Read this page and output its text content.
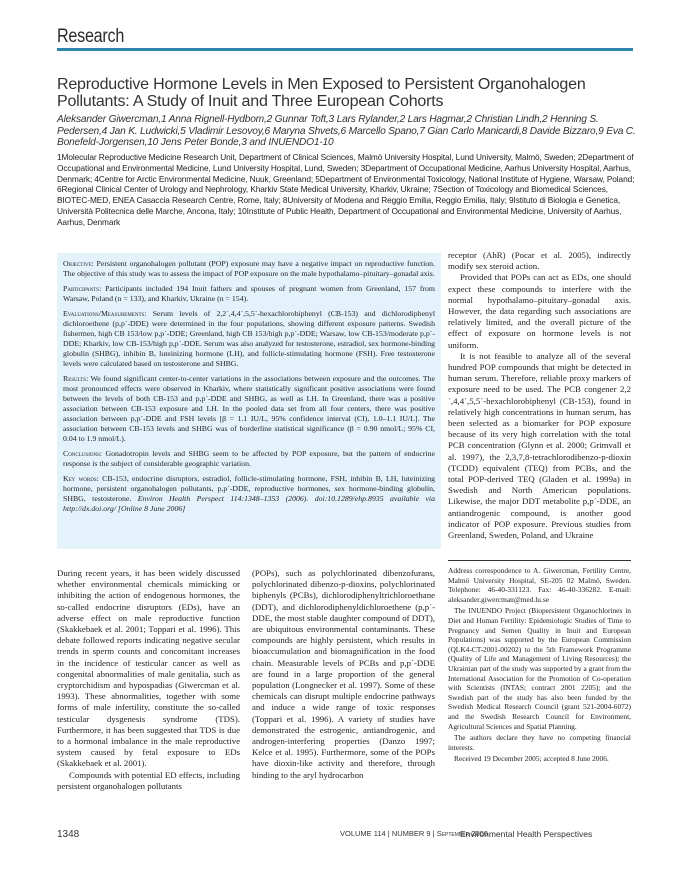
Research
Reproductive Hormone Levels in Men Exposed to Persistent Organohalogen Pollutants: A Study of Inuit and Three European Cohorts
Aleksander Giwercman,1 Anna Rignell-Hydbom,2 Gunnar Toft,3 Lars Rylander,2 Lars Hagmar,2 Christian Lindh,2 Henning S. Pedersen,4 Jan K. Ludwicki,5 Vladimir Lesovoy,6 Maryna Shvets,6 Marcello Spano,7 Gian Carlo Manicardi,8 Davide Bizzaro,9 Eva C. Bonefeld-Jorgensen,10 Jens Peter Bonde,3 and INUENDO1-10
1Molecular Reproductive Medicine Research Unit, Department of Clinical Sciences, Malmö University Hospital, Lund University, Malmö, Sweden; 2Department of Occupational and Environmental Medicine, Lund University Hospital, Lund, Sweden; 3Department of Occupational Medicine, Aarhus University Hospital, Aarhus, Denmark; 4Centre for Arctic Environmental Medicine, Nuuk, Greenland; 5Department of Environmental Toxicology, National Institute of Hygiene, Warsaw, Poland; 6Regional Clinical Center of Urology and Nephrology, Kharkiv State Medical University, Kharkiv, Ukraine; 7Section of Toxicology and Biomedical Sciences, BIOTEC-MED, ENEA Casaccia Research Centre, Rome, Italy; 8University of Modena and Reggio Emilia, Reggio Emilia, Italy; 9Istituto di Biologia e Genetica, Università Politecnica delle Marche, Ancona, Italy; 10Institute of Public Health, Department of Occupational and Environmental Medicine, University of Aarhus, Aarhus, Denmark

Objective: Persistent organohalogen pollutant (POP) exposure may have a negative impact on reproductive function. The objective of this study was to assess the impact of POP exposure on the male hypothalamo–pituitary–gonadal axis.

Participants: Participants included 194 Inuit fathers and spouses of pregnant women from Greenland, 157 from Warsaw, Poland (n = 133), and Kharkiv, Ukraine (n = 154).

Evaluations/Measurements: Serum levels of 2,2´,4,4´,5,5´-hexachlorobiphenyl (CB-153) and dichlorodiphenyl dichloroethene (p,p´-DDE) were determined in the four populations, showing different exposure patterns. Swedish fishermen, high CB 153/low p,p´-DDE; Greenland, high CB 153/high p,p´-DDE; Warsaw, low CB-153/moderate p,p´-DDE; Kharkiv, low CB-153/high p,p´-DDE. Serum was also analyzed for testosterone, estradiol, sex hormone-binding globulin (SHBG), inhibin B, luteinizing hormone (LH), and follicle-stimulating hormone (FSH). Free testosterone levels were calculated based on testosterone and SHBG.

Results: We found significant center-to-center variations in the associations between exposure and the outcomes. The most pronounced effects were observed in Kharkiv, where statistically significant positive associations were found between the levels of both CB-153 and p,p´-DDE and SHBG, as well as LH. In Greenland, there was a positive association between CB-153 exposure and LH. In the pooled data set from all four centers, there was positive association between p,p´-DDE and FSH levels [β = 1.1 IU/L, 95% confidence interval (CI), 1.0–1.1 IU/L]. The association between CB-153 levels and SHBG was of borderline statistical significance (β = 0.90 nmol/L; 95% CI, 0.04 to 1.9 nmol/L).

Conclusions: Gonadotropin levels and SHBG seem to be affected by POP exposure, but the pattern of endocrine response is the subject of considerable geographic variation.

Key words: CB-153, endocrine disruptors, estradiol, follicle-stimulating hormone, FSH, inhibin B, LH, luteinizing hormone, persistent organohalogen pollutants, p,p´-DDE, reproductive hormones, sex hormone-binding globulin, SHBG, testosterone. Environ Health Perspect 114:1348–1353 (2006). doi:10.1289/ehp.8935 available via http://dx.doi.org/ [Online 8 June 2006]

receptor (AhR) (Pocar et al. 2005), indirectly modify sex steroid action.

Provided that POPs can act as EDs, one should expect these compounds to interfere with the normal hypothalamo–pituitary–gonadal axis. However, the data regarding such associations are relatively limited, and the overall picture of the effect of exposure on hormone levels is not uniform.

It is not feasible to analyze all of the several hundred POP compounds that might be detected in human serum. Therefore, reliable proxy markers of exposure need to be used. The PCB congener 2,2´,4,4´,5,5´-hexachlorobiphenyl (CB-153), found in relatively high concentrations in human serum, has been selected as a biomarker for POP exposure because of its very high correlation with the total PCB concentration (Glynn et al. 2000; Grimvall et al. 1997), the 2,3,7,8-tetrachlorodibenzo-p-dioxin (TCDD) equivalent (TEQ) from PCBs, and the total POP-derived TEQ (Gladen et al. 1999a) in Swedish and North American populations. Likewise, the major DDT metabolite p,p´-DDE, an antiandrogenic compound, is another good indicator of POP exposure. Previous studies from Greenland, Sweden, Poland, and Ukraine

Address correspondence to A. Giwercman, Fertility Centre, Malmö University Hospital, SE-205 02 Malmö, Sweden. Telephone: 46-40-331123. Fax: 46-40-336282. E-mail: aleksander.giwercman@med.lu.se

The INUENDO Project (Biopersistent Organochlorines in Diet and Human Fertility: Epidemiologic Studies of Time to Pregnancy and Semen Quality in Inuit and European Populations) was supported by the European Commission (QLK4-CT-2001-00202) to the 5th Framework Programme (Quality of Life and Management of Living Resources); the Ukrainian part of the study was supported by a grant from the International Association for the Promotion of Co-operation with Scientists (INTAS; contract 2001 2205); and the Swedish part of the study has also been funded by the Swedish Medical Research Council (grant 521-2004-6072) and the Swedish Research Council for Environment, Agricultural Sciences and Spatial Planning.

The authors declare they have no competing financial interests.

Received 19 December 2005; accepted 8 June 2006.

During recent years, it has been widely discussed whether environmental chemicals mimicking or inhibiting the action of endogenous hormones, the so-called endocrine disruptors (EDs), have an adverse effect on male reproductive function (Skakkebaek et al. 2001; Toppari et al. 1996). This debate followed reports indicating negative secular trends in sperm counts and concomitant increases in the incidence of testicular cancer as well as congenital abnormalities of male genitalia, such as cryptorchidism and hypospadias (Giwercman et al. 1993). These abnormalities, together with some forms of male infertility, constitute the so-called testicular dysgenesis syndrome (TDS). Furthermore, it has been suggested that TDS is due to a hormonal imbalance in the male reproductive system caused by fetal exposure to EDs (Skakkebaek et al. 2001).

Compounds with potential ED effects, including persistent organohalogen pollutants

(POPs), such as polychlorinated dibenzofurans, polychlorinated dibenzo-p-dioxins, polychlorinated biphenyls (PCBs), dichlorodiphenyltrichloroethane (DDT), and dichlorodiphenyldichloroethene (p,p´-DDE, the most stable daughter compound of DDT), are ubiquitous environmental contaminants. These compounds are highly persistent, which results in bioaccumulation and biomagnification in the food chain. Measurable levels of PCBs and p,p´-DDE are found in a large proportion of the general population (Longnecker et al. 1997). Some of these chemicals can disrupt multiple endocrine pathways and induce a wide range of toxic responses (Toppari et al. 1996). A variety of studies have demonstrated the estrogenic, antiandrogenic, and androgen-interfering properties (Danzo 1997; Kelce et al. 1995). Furthermore, some of the POPs have dioxin-like activity and therefore, through binding to the aryl hydrocarbon

1348	VOLUME 114 | NUMBER 9 | September 2006
Environmental Health Perspectives
